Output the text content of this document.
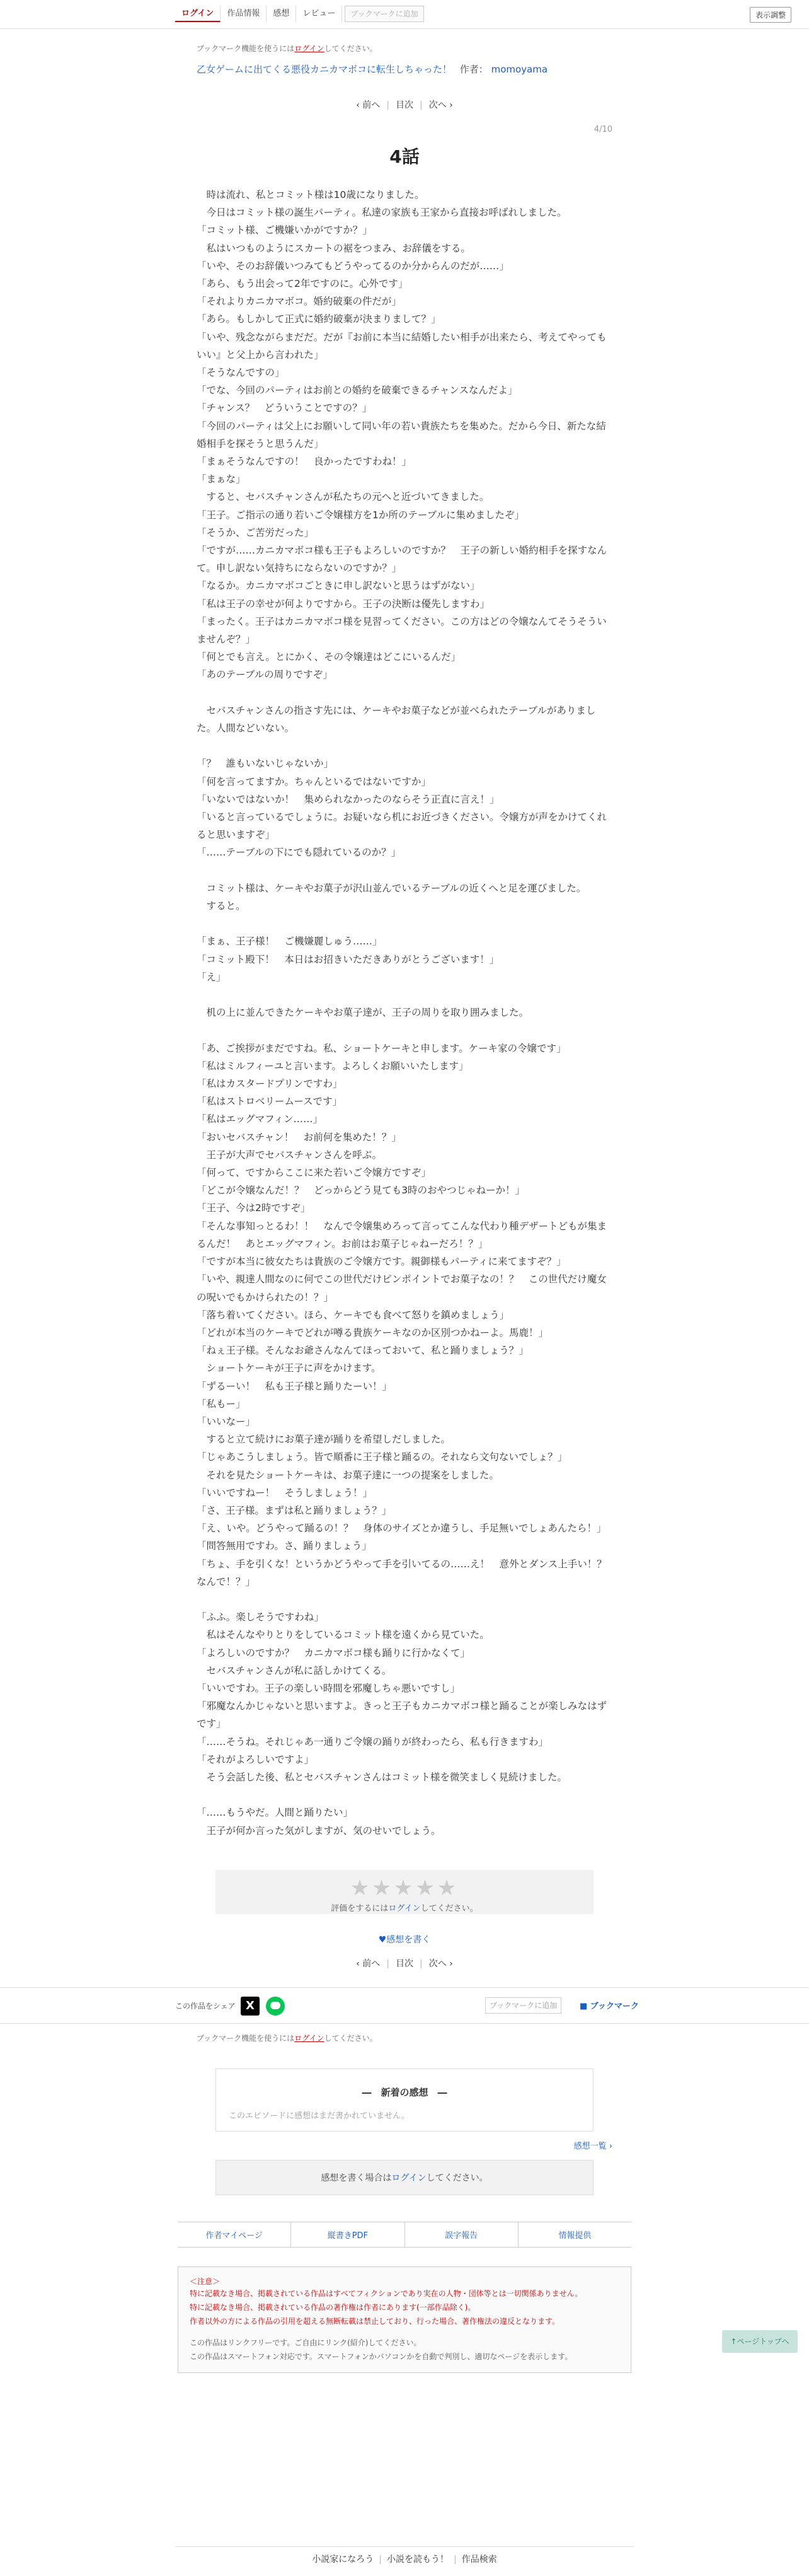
ログイン	作品情報	感想	レビュー	ブックマークに追加	表示調整
ブックマーク機能を使うにはログインしてください。
乙女ゲームに出てくる悪役カニカマボコに転生しちゃった！ 作者： momoyama
‹ 前へ | 目次 | 次へ ›
4/10
4話

　時は流れ、私とコミット様は10歳になりました。

　今日はコミット様の誕生パーティ。私達の家族も王家から直接お呼ばれしました。

「コミット様、ご機嫌いかがですか？」

　私はいつものようにスカートの裾をつまみ、お辞儀をする。

「いや、そのお辞儀いつみてもどうやってるのか分からんのだが……」

「あら、もう出会って2年ですのに。心外です」

「それよりカニカマボコ。婚約破棄の件だが」

「あら。もしかして正式に婚約破棄が決まりまして？」

「いや、残念ながらまだだ。だが『お前に本当に結婚したい相手が出来たら、考えてやってもいい』と父上から言われた」

「そうなんですの」

「でな、今回のパーティはお前との婚約を破棄できるチャンスなんだよ」

「チャンス？　どういうことですの？」

「今回のパーティは父上にお願いして同い年の若い貴族たちを集めた。だから今日、新たな結婚相手を探そうと思うんだ」

「まぁそうなんですの！　良かったですわね！」

「まぁな」

　すると、セバスチャンさんが私たちの元へと近づいてきました。

「王子。ご指示の通り若いご令嬢様方を1か所のテーブルに集めましたぞ」

「そうか、ご苦労だった」

「ですが……カニカマボコ様も王子もよろしいのですか？　王子の新しい婚約相手を探すなんて。申し訳ない気持ちにならないのですか？」

「なるか。カニカマボコごときに申し訳ないと思うはずがない」

「私は王子の幸せが何よりですから。王子の決断は優先しますわ」

「まったく。王子はカニカマボコ様を見習ってください。この方はどの令嬢なんてそうそういませんぞ？」

「何とでも言え。とにかく、その令嬢達はどこにいるんだ」

「あのテーブルの周りですぞ」

　セバスチャンさんの指さす先には、ケーキやお菓子などが並べられたテーブルがありました。人間などいない。

「？　誰もいないじゃないか」

「何を言ってますか。ちゃんといるではないですか」

「いないではないか！　集められなかったのならそう正直に言え！」

「いると言っているでしょうに。お疑いなら机にお近づきください。令嬢方が声をかけてくれると思いますぞ」

「……テーブルの下にでも隠れているのか？」

　コミット様は、ケーキやお菓子が沢山並んでいるテーブルの近くへと足を運びました。

　すると。

「まぁ、王子様！　ご機嫌麗しゅう……」

「コミット殿下！　本日はお招きいただきありがとうございます！」

「え」

　机の上に並んできたケーキやお菓子達が、王子の周りを取り囲みました。

「あ、ご挨拶がまだですね。私、ショートケーキと申します。ケーキ家の令嬢です」

「私はミルフィーユと言います。よろしくお願いいたします」

「私はカスタードプリンですわ」

「私はストロベリームースです」

「私はエッグマフィン……」

「おいセバスチャン！　お前何を集めた！？」

　王子が大声でセバスチャンさんを呼ぶ。

「何って、ですからここに来た若いご令嬢方ですぞ」

「どこが令嬢なんだ！？　どっからどう見ても3時のおやつじゃねーか！」

「王子、今は2時ですぞ」

「そんな事知っとるわ！！　なんで令嬢集めろって言ってこんな代わり種デザートどもが集まるんだ！　あとエッグマフィン。お前はお菓子じゃねーだろ！？」

「ですが本当に彼女たちは貴族のご令嬢方です。親御様もパーティに来てますぞ？」

「いや、親達人間なのに何でこの世代だけピンポイントでお菓子なの！？　この世代だけ魔女の呪いでもかけられたの！？」

「落ち着いてください。ほら、ケーキでも食べて怒りを鎮めましょう」

「どれが本当のケーキでどれが噂る貴族ケーキなのか区別つかねーよ。馬鹿！」

「ねぇ王子様。そんなお爺さんなんてほっておいて、私と踊りましょう？」

　ショートケーキが王子に声をかけます。

「ずるーい！　私も王子様と踊りたーい！」

「私もー」

「いいなー」

　すると立て続けにお菓子達が踊りを希望しだしました。

「じゃあこうしましょう。皆で順番に王子様と踊るの。それなら文句ないでしょ？」

　それを見たショートケーキは、お菓子達に一つの提案をしました。

「いいですねー！　そうしましょう！」

「さ、王子様。まずは私と踊りましょう？」

「え、いや。どうやって踊るの！？　身体のサイズとか違うし、手足無いでしょあんたら！」

「問答無用ですわ。さ、踊りましょう」

「ちょ、手を引くな！というかどうやって手を引いてるの……え！　意外とダンス上手い！？　なんで！？」

「ふふ。楽しそうですわね」

　私はそんなやりとりをしているコミット様を遠くから見ていた。

「よろしいのですか？　カニカマボコ様も踊りに行かなくて」

　セバスチャンさんが私に話しかけてくる。

「いいですわ。王子の楽しい時間を邪魔しちゃ悪いですし」

「邪魔なんかじゃないと思いますよ。きっと王子もカニカマボコ様と踊ることが楽しみなはずです」

「……そうね。それじゃあ一通りご令嬢の踊りが終わったら、私も行きますわ」

「それがよろしいですよ」

　そう会話した後、私とセバスチャンさんはコミット様を微笑ましく見続けました。

「……もうやだ。人間と踊りたい」

　王子が何か言った気がしますが、気のせいでしょう。

★★★★★
評価をするにはログインしてください。
♥感想を書く
‹ 前へ | 目次 | 次へ ›
この作品をシェア X	ブックマークに追加	■ ブックマーク
ブックマーク機能を使うにはログインしてください。
―　新着の感想　―
このエピソードに感想はまだ書かれていません。
感想一覧 ›
感想を書く場合はログインしてください。
↑ページトップへ
作者マイページ	縦書きPDF	誤字報告	情報提供
＜注意＞
特に記載なき場合、掲載されている作品はすべてフィクションであり実在の人物・団体等とは一切関係ありません。
特に記載なき場合、掲載されている作品の著作権は作者にあります(一部作品除く)。
作者以外の方による作品の引用を超える無断転載は禁止しており、行った場合、著作権法の違反となります。
この作品はリンクフリーです。ご自由にリンク(紹介)してください。
この作品はスマートフォン対応です。スマートフォンかパソコンかを自動で判別し、適切なページを表示します。
小説家になろう | 小説を読もう！ | 作品検索
